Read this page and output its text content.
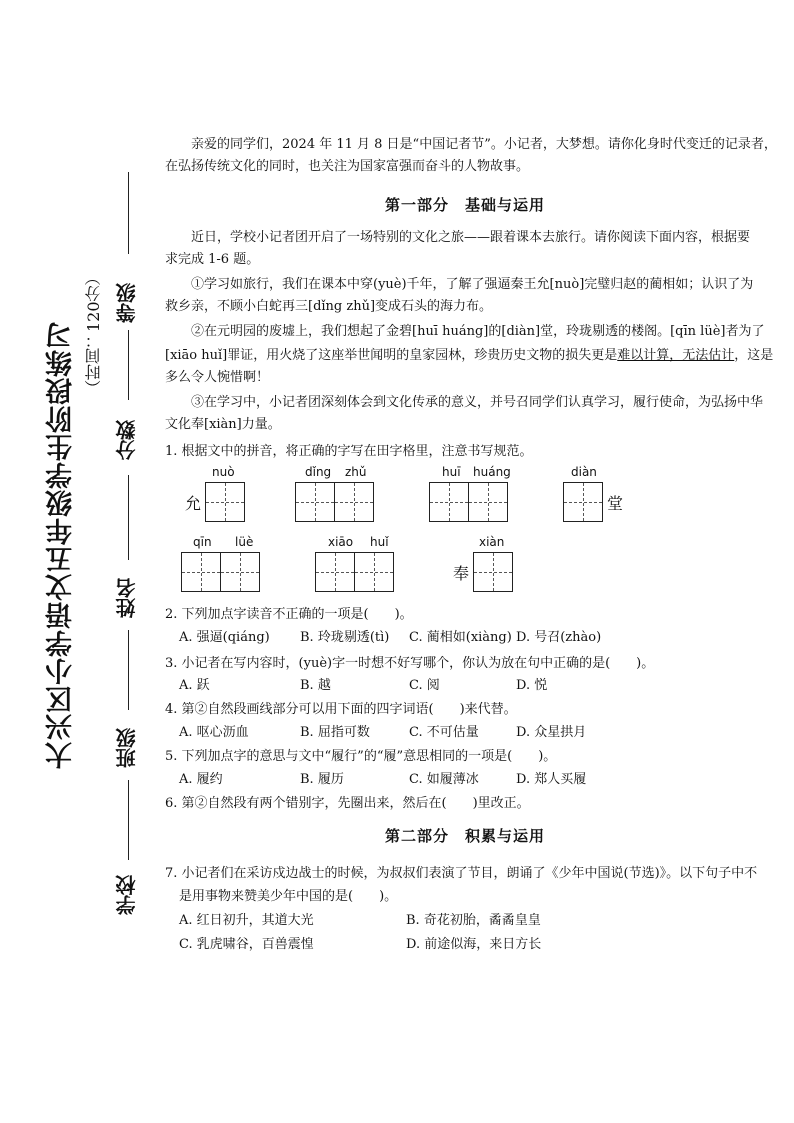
大兴区小学语文五年级学生阶段练习 （时间：120分） 等级
分数
姓名
班级
学校
亲爱的同学们，2024 年 11 月 8 日是“中国记者节”。小记者，大梦想。请你化身时代变迁的记录者，
在弘扬传统文化的同时，也关注为国家富强而奋斗的人物故事。
第一部分　基础与运用
近日，学校小记者团开启了一场特别的文化之旅——跟着课本去旅行。请你阅读下面内容，根据要
求完成 1-6 题。
①学习如旅行，我们在课本中穿(yuè)千年，了解了强逼秦王允[nuò]完璧归赵的蔺相如；认识了为
救乡亲，不顾小白蛇再三[dǐng zhǔ]变成石头的海力布。
②在元明园的废墟上，我们想起了金碧[huī huáng]的[diàn]堂，玲珑剔透的楼阁。[qīn lüè]者为了
[xiāo huǐ]罪证，用火烧了这座举世闻明的皇家园林，珍贵历史文物的损失更是难以计算，无法估计，这是
多么令人惋惜啊！
③在学习中，小记者团深刻体会到文化传承的意义，并号召同学们认真学习，履行使命，为弘扬中华
文化奉[xiàn]力量。
1. 根据文中的拼音，将正确的字写在田字格里，注意书写规范。
允
nuò	dǐng zhǔ	huī huáng
堂
diàn
qīn lüè	xiāo huǐ
奉
xiàn
2. 下列加点字读音不正确的一项是(　　)。
A. 强逼(qiáng) B. 玲珑剔透(tì) C. 蔺相如(xiàng) D. 号召(zhào)
3. 小记者在写内容时，(yuè)字一时想不好写哪个，你认为放在句中正确的是(　　)。
A. 跃	B. 越	C. 阅	D. 悦
4. 第②自然段画线部分可以用下面的四字词语(　　)来代替。
A. 呕心沥血	B. 屈指可数	C. 不可估量	D. 众星拱月
5. 下列加点字的意思与文中“履行”的“履”意思相同的一项是(　　)。
A. 履约	B. 履历	C. 如履薄冰	D. 郑人买履
6. 第②自然段有两个错别字，先圈出来，然后在(　　)里改正。
第二部分　积累与运用
7. 小记者们在采访戍边战士的时候，为叔叔们表演了节目，朗诵了《少年中国说(节选)》。以下句子中不
是用事物来赞美少年中国的是(　　)。
A. 红日初升，其道大光	B. 奇花初胎，矞矞皇皇
C. 乳虎啸谷，百兽震惶	D. 前途似海，来日方长
